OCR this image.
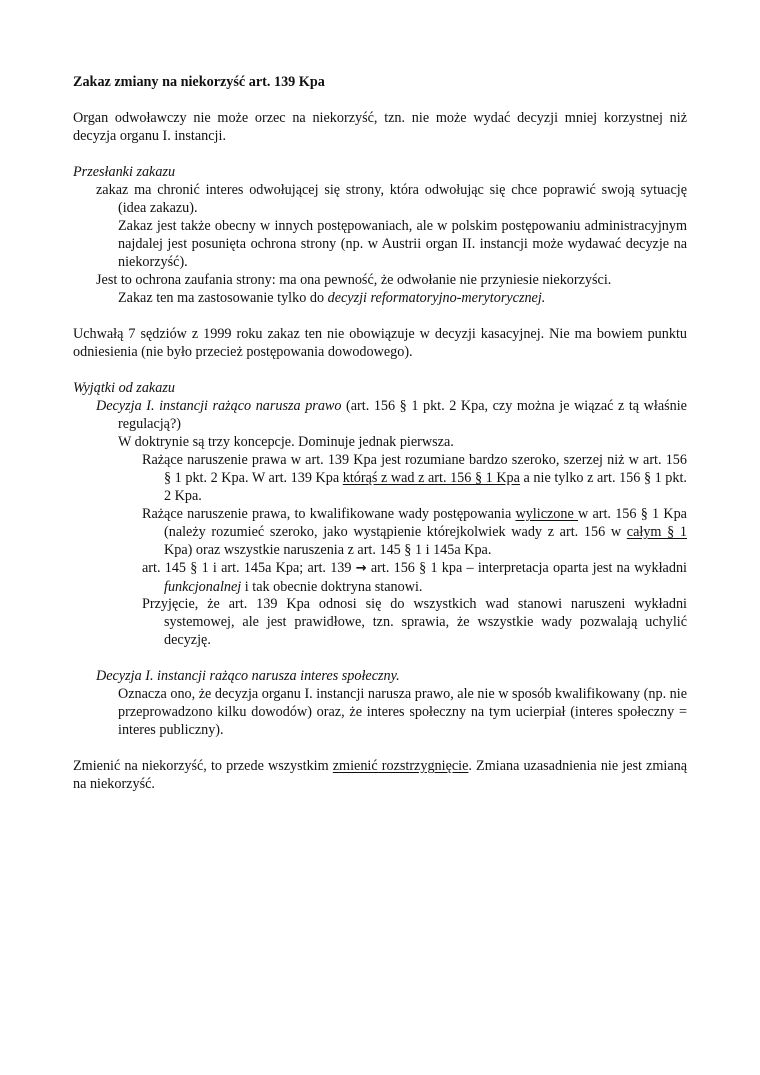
Zakaz zmiany na niekorzyść art. 139 Kpa

Organ odwoławczy nie może orzec na niekorzyść, tzn. nie może wydać decyzji mniej korzystnej niż decyzja organu I. instancji.

Przesłanki zakazu

zakaz ma chronić interes odwołującej się strony, która odwołując się chce poprawić swoją sytuację (idea zakazu).

Zakaz jest także obecny w innych postępowaniach, ale w polskim postępowaniu administracyjnym najdalej jest posunięta ochrona strony (np. w Austrii organ II. instancji może wydawać decyzje na niekorzyść).

Jest to ochrona zaufania strony: ma ona pewność, że odwołanie nie przyniesie niekorzyści.

Zakaz ten ma zastosowanie tylko do decyzji reformatoryjno-merytorycznej.

Uchwałą 7 sędziów z 1999 roku zakaz ten nie obowiązuje w decyzji kasacyjnej. Nie ma bowiem punktu odniesienia (nie było przecież postępowania dowodowego).

Wyjątki od zakazu

Decyzja I. instancji rażąco narusza prawo (art. 156 § 1 pkt. 2 Kpa, czy można je wiązać z tą właśnie regulacją?)

W doktrynie są trzy koncepcje. Dominuje jednak pierwsza.

Rażące naruszenie prawa w art. 139 Kpa jest rozumiane bardzo szeroko, szerzej niż w art. 156 § 1 pkt. 2 Kpa. W art. 139 Kpa którąś z wad z art. 156 § 1 Kpa a nie tylko z art. 156 § 1 pkt. 2 Kpa.

Rażące naruszenie prawa, to kwalifikowane wady postępowania wyliczone w art. 156 § 1 Kpa (należy rozumieć szeroko, jako wystąpienie którejkolwiek wady z art. 156 w całym § 1 Kpa) oraz wszystkie naruszenia z art. 145 § 1 i 145a Kpa.

art. 145 § 1 i art. 145a Kpa; art. 139 → art. 156 § 1 kpa – interpretacja oparta jest na wykładni funkcjonalnej i tak obecnie doktryna stanowi.

Przyjęcie, że art. 139 Kpa odnosi się do wszystkich wad stanowi naruszeni wykładni systemowej, ale jest prawidłowe, tzn. sprawia, że wszystkie wady pozwalają uchylić decyzję.

Decyzja I. instancji rażąco narusza interes społeczny.

Oznacza ono, że decyzja organu I. instancji narusza prawo, ale nie w sposób kwalifikowany (np. nie przeprowadzono kilku dowodów) oraz, że interes społeczny na tym ucierpiał (interes społeczny = interes publiczny).

Zmienić na niekorzyść, to przede wszystkim zmienić rozstrzygnięcie. Zmiana uzasadnienia nie jest zmianą na niekorzyść.
